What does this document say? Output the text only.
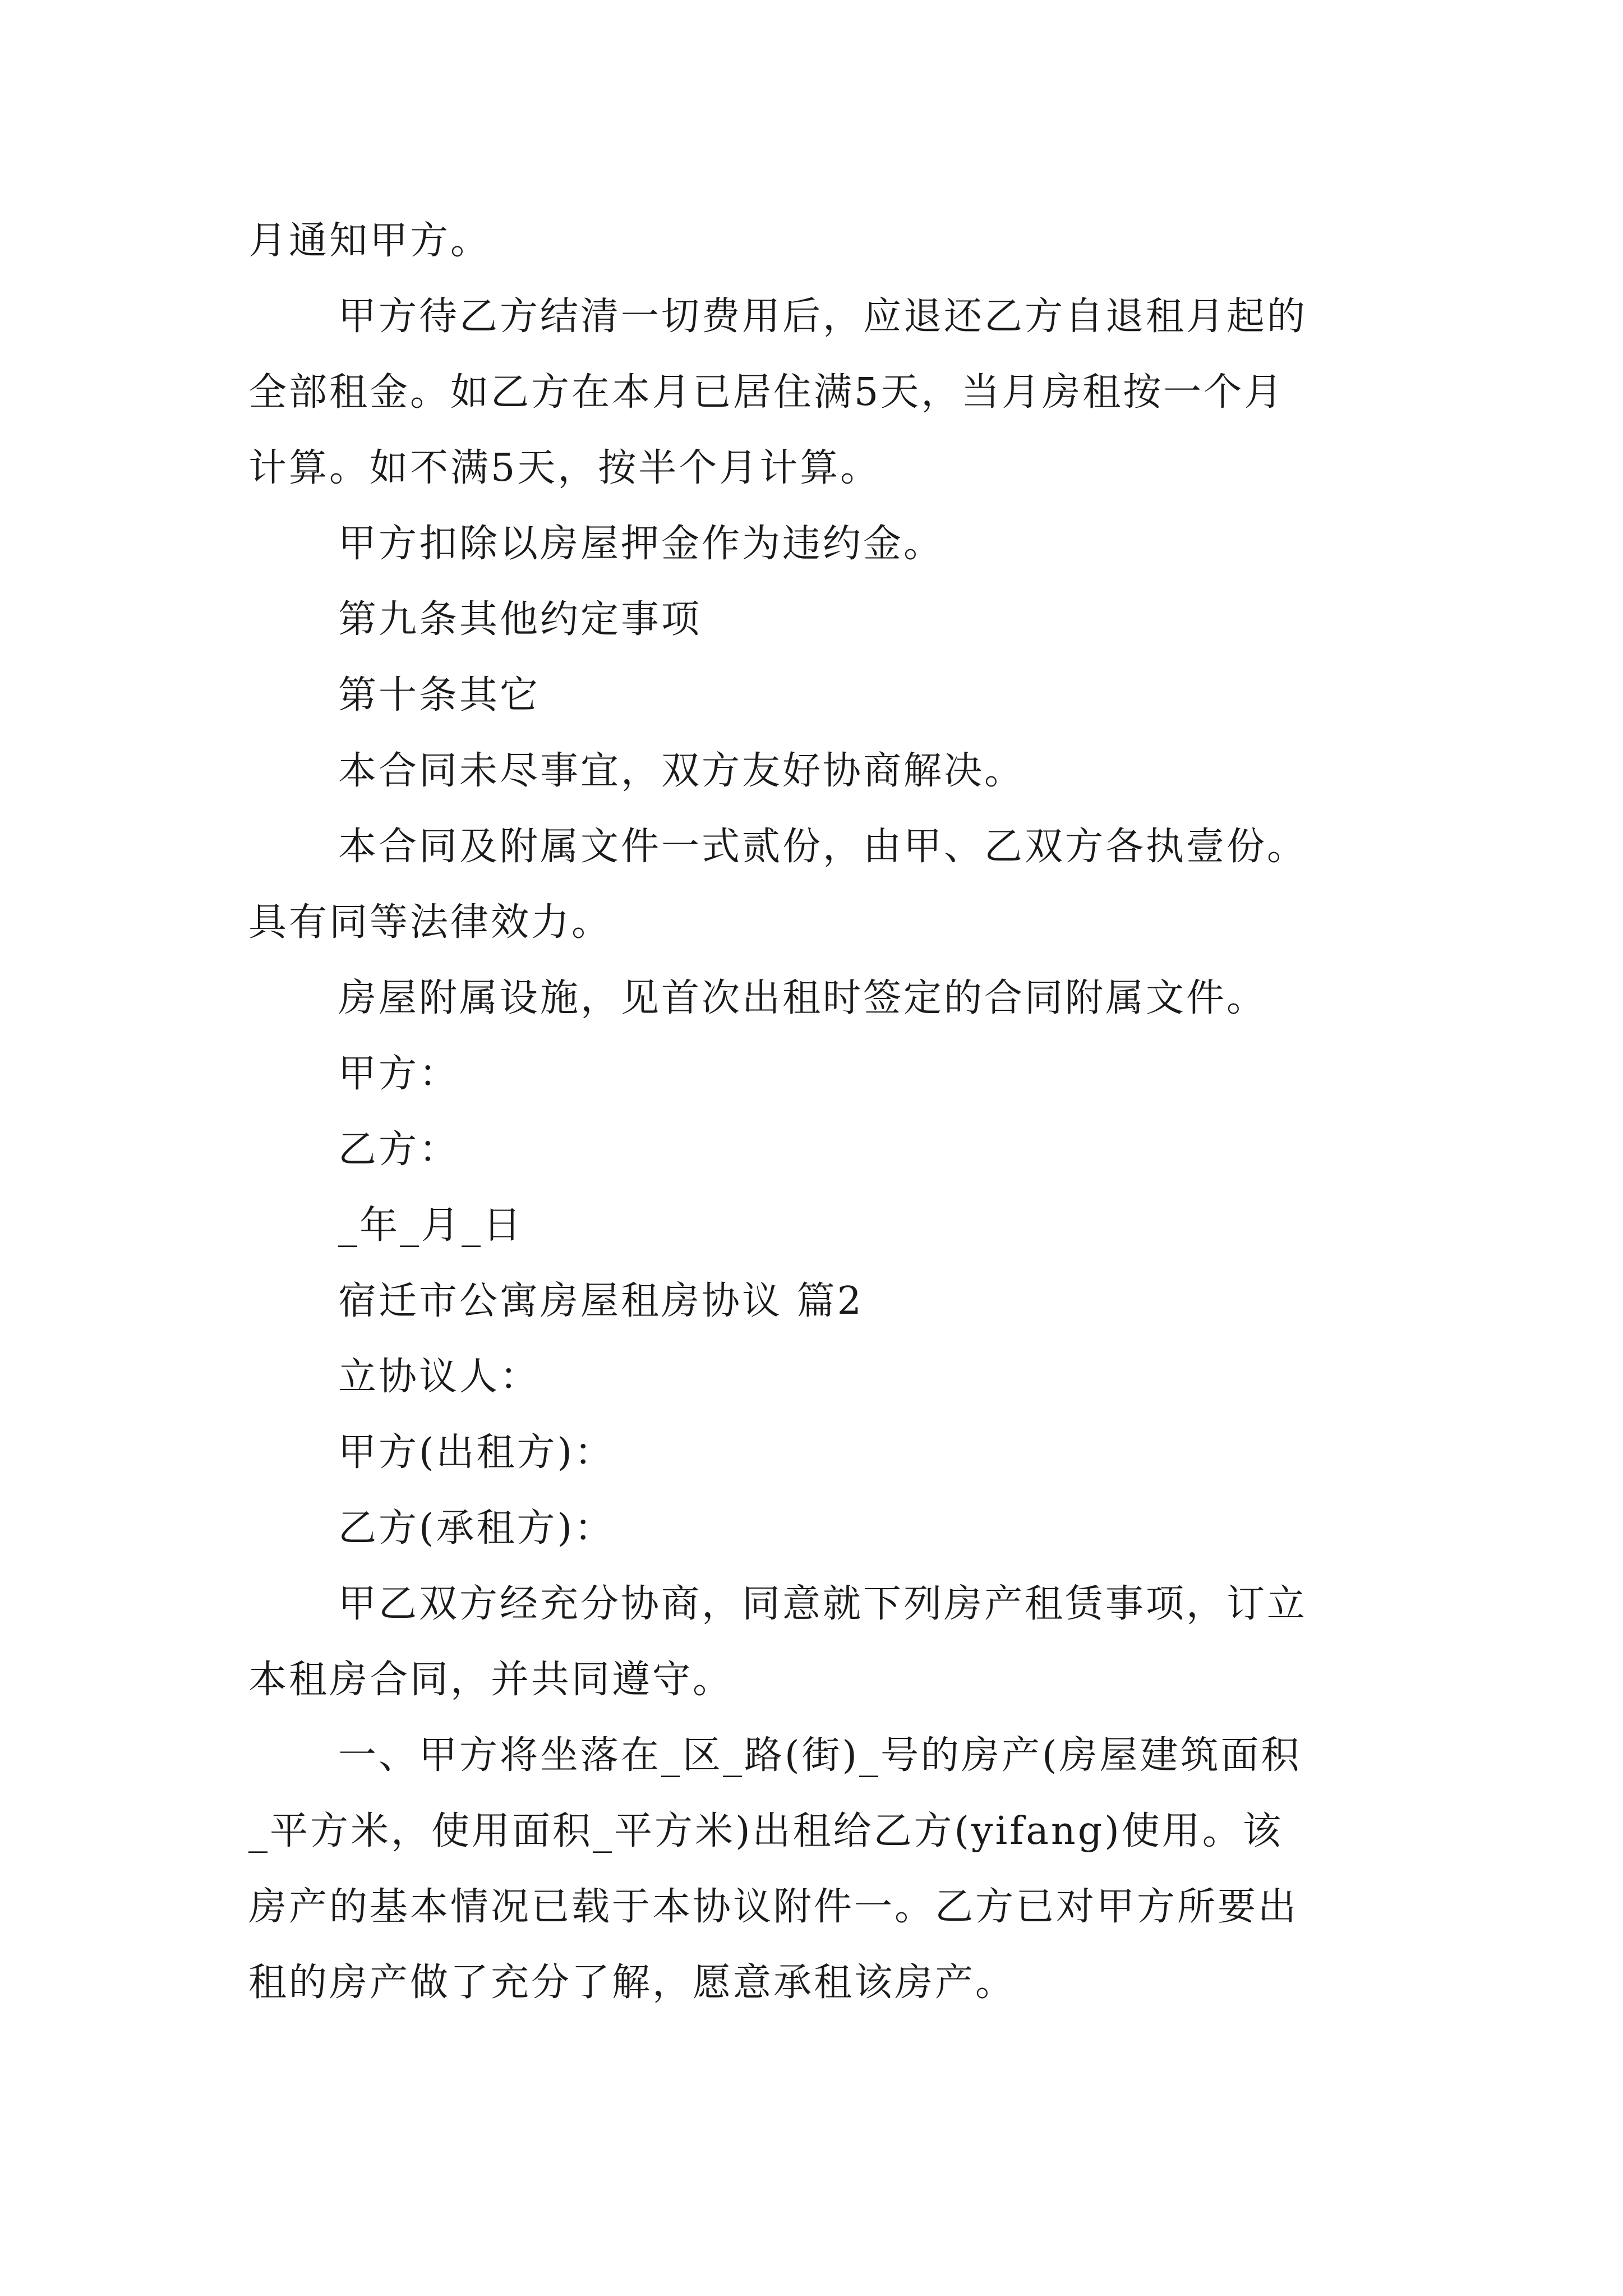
月通知甲方。
甲方待乙方结清一切费用后，应退还乙方自退租月起的
全部租金。如乙方在本月已居住满5天，当月房租按一个月
计算。如不满5天，按半个月计算。
甲方扣除以房屋押金作为违约金。
第九条其他约定事项
第十条其它
本合同未尽事宜，双方友好协商解决。
本合同及附属文件一式贰份，由甲、乙双方各执壹份。
具有同等法律效力。
房屋附属设施，见首次出租时签定的合同附属文件。
甲方：
乙方：
_年_月_日
宿迁市公寓房屋租房协议 篇2
立协议人：
甲方(出租方)：
乙方(承租方)：
甲乙双方经充分协商，同意就下列房产租赁事项，订立
本租房合同，并共同遵守。
一、甲方将坐落在_区_路(街)_号的房产(房屋建筑面积
_平方米，使用面积_平方米)出租给乙方(yifang)使用。该
房产的基本情况已载于本协议附件一。乙方已对甲方所要出
租的房产做了充分了解，愿意承租该房产。
